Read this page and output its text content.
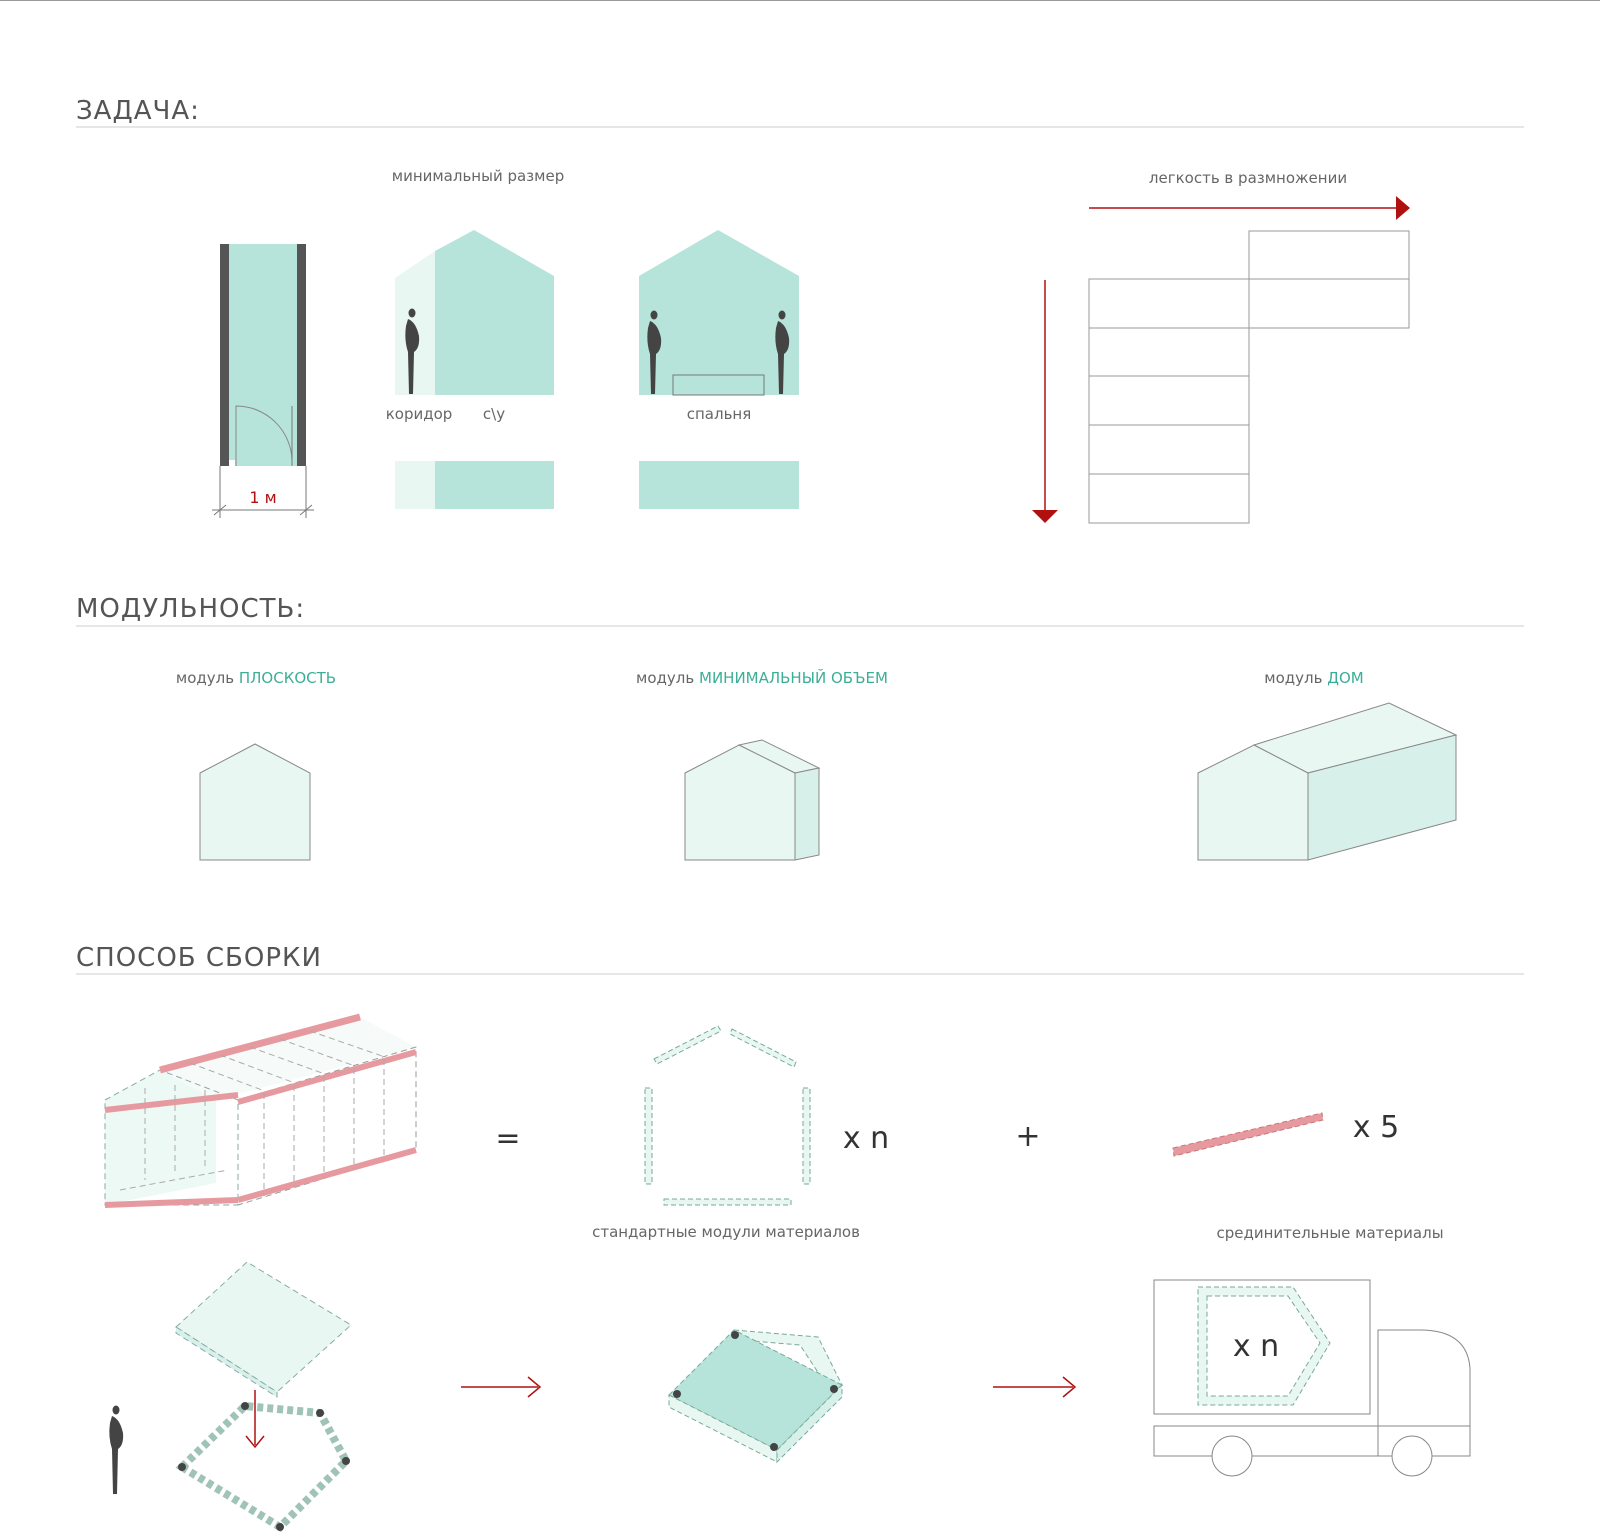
ЗАДАЧА:
минимальный размер
1 м
коридор с\у	спальня
легкость в размножении
МОДУЛЬНОСТЬ:
модуль ПЛОСКОСТЬ	модуль МИНИМАЛЬНЫЙ ОБЪЕМ	модуль ДОМ
СПОСОБ СБОРКИ
=	x n	+	x 5
стандартные модули материалов	срединительные материалы
x n
